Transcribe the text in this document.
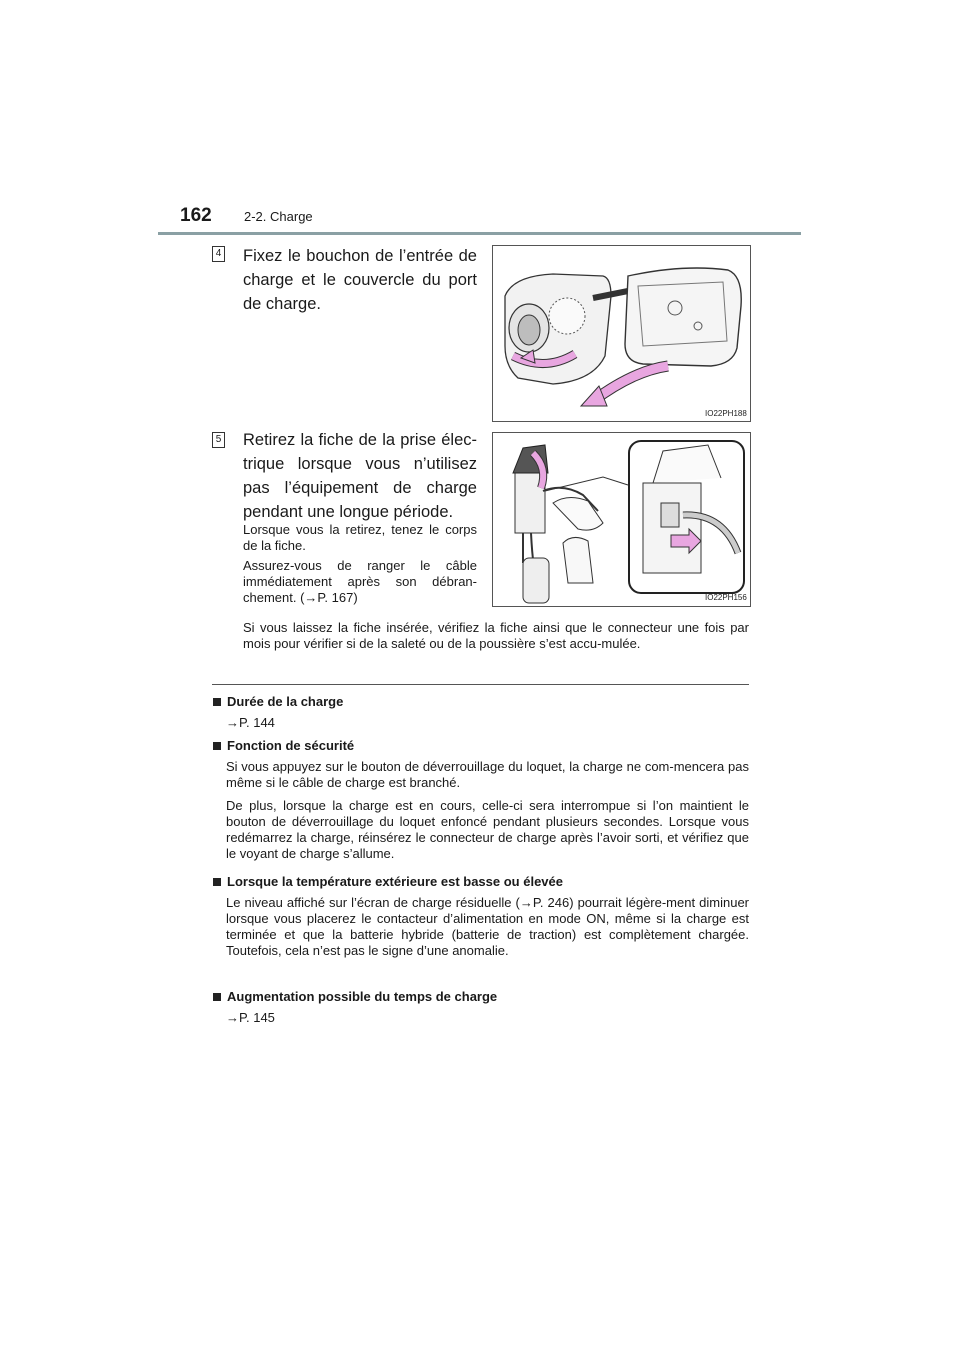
162 2-2. Charge
4 Fixez le bouchon de l’entrée de charge et le couvercle du port de charge.
IO22PH188
5 Retirez la fiche de la prise élec-trique lorsque vous n’utilisez pas l’équipement de charge pendant une longue période.
Lorsque vous la retirez, tenez le corps de la fiche.
Assurez-vous de ranger le câble immédiatement après son débran-chement. (→P. 167)	IO22PH156
Si vous laissez la fiche insérée, vérifiez la fiche ainsi que le connecteur une fois par mois pour vérifier si de la saleté ou de la poussière s’est accu-mulée.
Durée de la charge
→P. 144
Fonction de sécurité
Si vous appuyez sur le bouton de déverrouillage du loquet, la charge ne com-mencera pas même si le câble de charge est branché.
De plus, lorsque la charge est en cours, celle-ci sera interrompue si l’on maintient le bouton de déverrouillage du loquet enfoncé pendant plusieurs secondes. Lorsque vous redémarrez la charge, réinsérez le connecteur de charge après l’avoir sorti, et vérifiez que le voyant de charge s’allume.
Lorsque la température extérieure est basse ou élevée
Le niveau affiché sur l’écran de charge résiduelle (→P. 246) pourrait légère-ment diminuer lorsque vous placerez le contacteur d’alimentation en mode ON, même si la charge est terminée et que la batterie hybride (batterie de traction) est complètement chargée. Toutefois, cela n’est pas le signe d’une anomalie.
Augmentation possible du temps de charge
→P. 145
